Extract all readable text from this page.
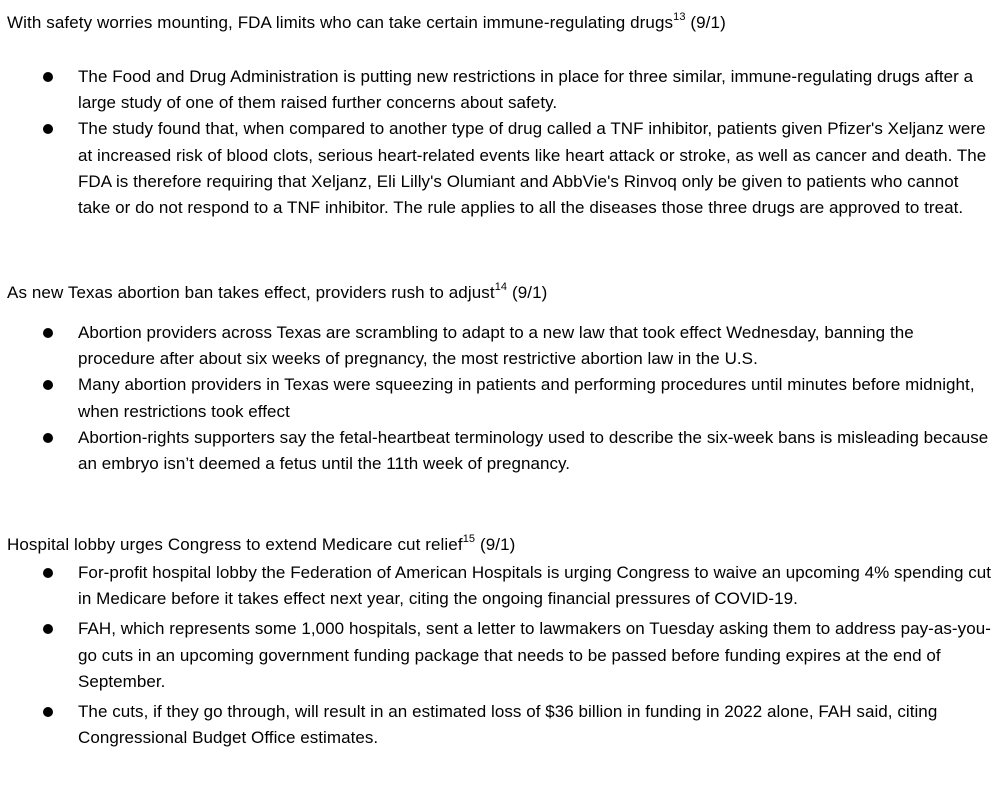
With safety worries mounting, FDA limits who can take certain immune-regulating drugs$^{13}$ (9/1)
The Food and Drug Administration is putting new restrictions in place for three similar, immune-regulating drugs after a large study of one of them raised further concerns about safety.
The study found that, when compared to another type of drug called a TNF inhibitor, patients given Pfizer's Xeljanz were at increased risk of blood clots, serious heart-related events like heart attack or stroke, as well as cancer and death. The FDA is therefore requiring that Xeljanz, Eli Lilly's Olumiant and AbbVie's Rinvoq only be given to patients who cannot take or do not respond to a TNF inhibitor. The rule applies to all the diseases those three drugs are approved to treat.
As new Texas abortion ban takes effect, providers rush to adjust$^{14}$ (9/1)
Abortion providers across Texas are scrambling to adapt to a new law that took effect Wednesday, banning the procedure after about six weeks of pregnancy, the most restrictive abortion law in the U.S.
Many abortion providers in Texas were squeezing in patients and performing procedures until minutes before midnight, when restrictions took effect
Abortion-rights supporters say the fetal-heartbeat terminology used to describe the six-week bans is misleading because an embryo isn’t deemed a fetus until the 11th week of pregnancy.
Hospital lobby urges Congress to extend Medicare cut relief$^{15}$ (9/1)
For-profit hospital lobby the Federation of American Hospitals is urging Congress to waive an upcoming 4% spending cut in Medicare before it takes effect next year, citing the ongoing financial pressures of COVID-19.
FAH, which represents some 1,000 hospitals, sent a letter to lawmakers on Tuesday asking them to address pay-as-you-go cuts in an upcoming government funding package that needs to be passed before funding expires at the end of September.
The cuts, if they go through, will result in an estimated loss of $36 billion in funding in 2022 alone, FAH said, citing Congressional Budget Office estimates.
